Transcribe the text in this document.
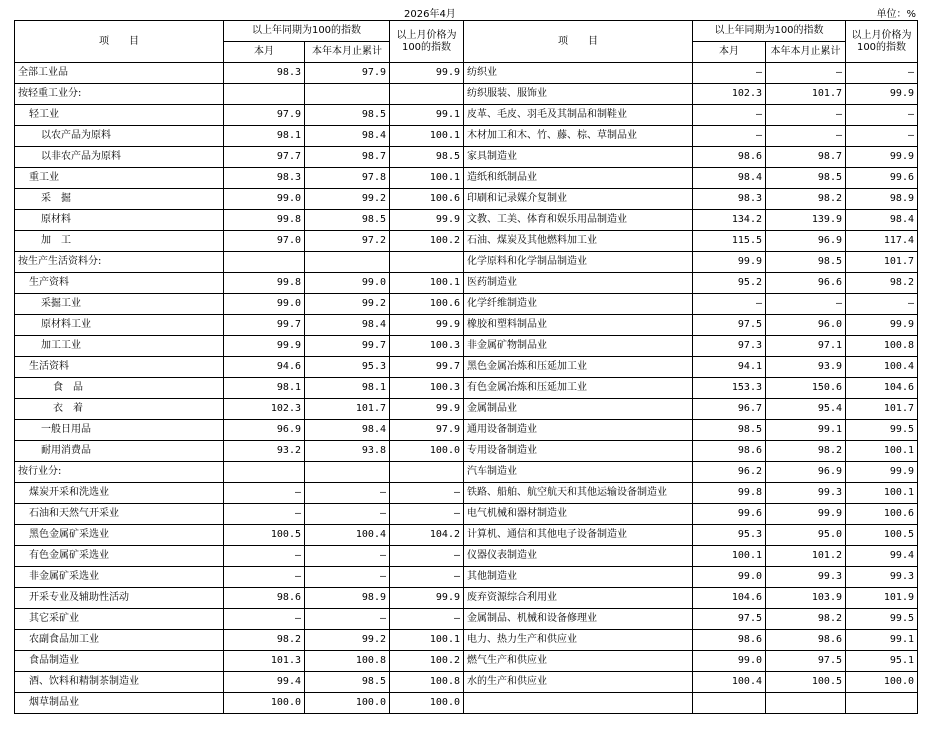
2026年4月	单位：%
项　　目	以上年同期为100的指数		以上月价格为100的指数	项　　目	以上年同期为100的指数		以上月价格为100的指数
	本月	本年本月止累计			本月	本年本月止累计	
全部工业品	98.3	97.9	99.9	纺织业	—	—	—
按轻重工业分:				纺织服装、服饰业	102.3	101.7	99.9
轻工业	97.9	98.5	99.1	皮革、毛皮、羽毛及其制品和制鞋业	—	—	—
以农产品为原料	98.1	98.4	100.1	木材加工和木、竹、藤、棕、草制品业	—	—	—
以非农产品为原料	97.7	98.7	98.5	家具制造业	98.6	98.7	99.9
重工业	98.3	97.8	100.1	造纸和纸制品业	98.4	98.5	99.6
采　掘	99.0	99.2	100.6	印刷和记录媒介复制业	98.3	98.2	98.9
原材料	99.8	98.5	99.9	文教、工美、体育和娱乐用品制造业	134.2	139.9	98.4
加　工	97.0	97.2	100.2	石油、煤炭及其他燃料加工业	115.5	96.9	117.4
按生产生活资料分:				化学原料和化学制品制造业	99.9	98.5	101.7
生产资料	99.8	99.0	100.1	医药制造业	95.2	96.6	98.2
采掘工业	99.0	99.2	100.6	化学纤维制造业	—	—	—
原材料工业	99.7	98.4	99.9	橡胶和塑料制品业	97.5	96.0	99.9
加工工业	99.9	99.7	100.3	非金属矿物制品业	97.3	97.1	100.8
生活资料	94.6	95.3	99.7	黑色金属冶炼和压延加工业	94.1	93.9	100.4
食　品	98.1	98.1	100.3	有色金属冶炼和压延加工业	153.3	150.6	104.6
衣　着	102.3	101.7	99.9	金属制品业	96.7	95.4	101.7
一般日用品	96.9	98.4	97.9	通用设备制造业	98.5	99.1	99.5
耐用消费品	93.2	93.8	100.0	专用设备制造业	98.6	98.2	100.1
按行业分:				汽车制造业	96.2	96.9	99.9
煤炭开采和洗选业	—	—	—	铁路、船舶、航空航天和其他运输设备制造业	99.8	99.3	100.1
石油和天然气开采业	—	—	—	电气机械和器材制造业	99.6	99.9	100.6
黑色金属矿采选业	100.5	100.4	104.2	计算机、通信和其他电子设备制造业	95.3	95.0	100.5
有色金属矿采选业	—	—	—	仪器仪表制造业	100.1	101.2	99.4
非金属矿采选业	—	—	—	其他制造业	99.0	99.3	99.3
开采专业及辅助性活动	98.6	98.9	99.9	废弃资源综合利用业	104.6	103.9	101.9
其它采矿业	—	—	—	金属制品、机械和设备修理业	97.5	98.2	99.5
农副食品加工业	98.2	99.2	100.1	电力、热力生产和供应业	98.6	98.6	99.1
食品制造业	101.3	100.8	100.2	燃气生产和供应业	99.0	97.5	95.1
酒、饮料和精制茶制造业	99.4	98.5	100.8	水的生产和供应业	100.4	100.5	100.0
烟草制品业	100.0	100.0	100.0				
